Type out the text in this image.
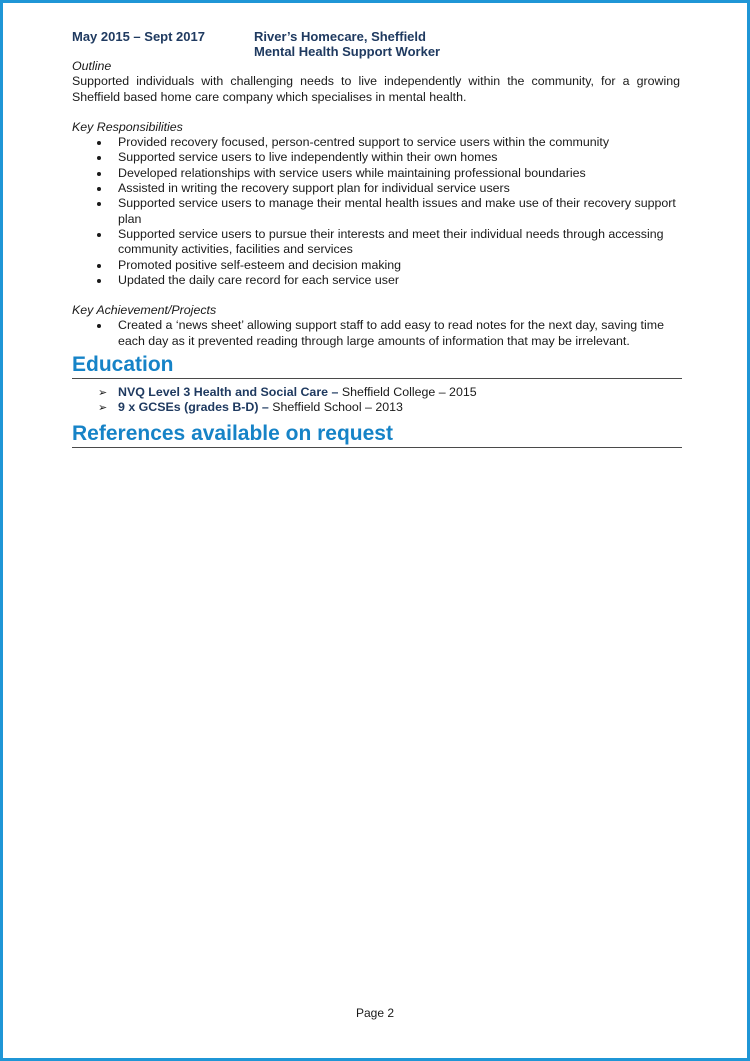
May 2015 – Sept 2017	River’s Homecare, Sheffield
Mental Health Support Worker
Outline

Supported individuals with challenging needs to live independently within the community, for a growing Sheffield based home care company which specialises in mental health.

Key Responsibilities
Provided recovery focused, person-centred support to service users within the community
Supported service users to live independently within their own homes
Developed relationships with service users while maintaining professional boundaries
Assisted in writing the recovery support plan for individual service users
Supported service users to manage their mental health issues and make use of their recovery support plan
Supported service users to pursue their interests and meet their individual needs through accessing community activities, facilities and services
Promoted positive self-esteem and decision making
Updated the daily care record for each service user
Key Achievement/Projects
Created a ‘news sheet’ allowing support staff to add easy to read notes for the next day, saving time each day as it prevented reading through large amounts of information that may be irrelevant.
Education
➢ NVQ Level 3 Health and Social Care – Sheffield College – 2015
➢ 9 x GCSEs (grades B-D) – Sheffield School – 2013
References available on request
Page 2
